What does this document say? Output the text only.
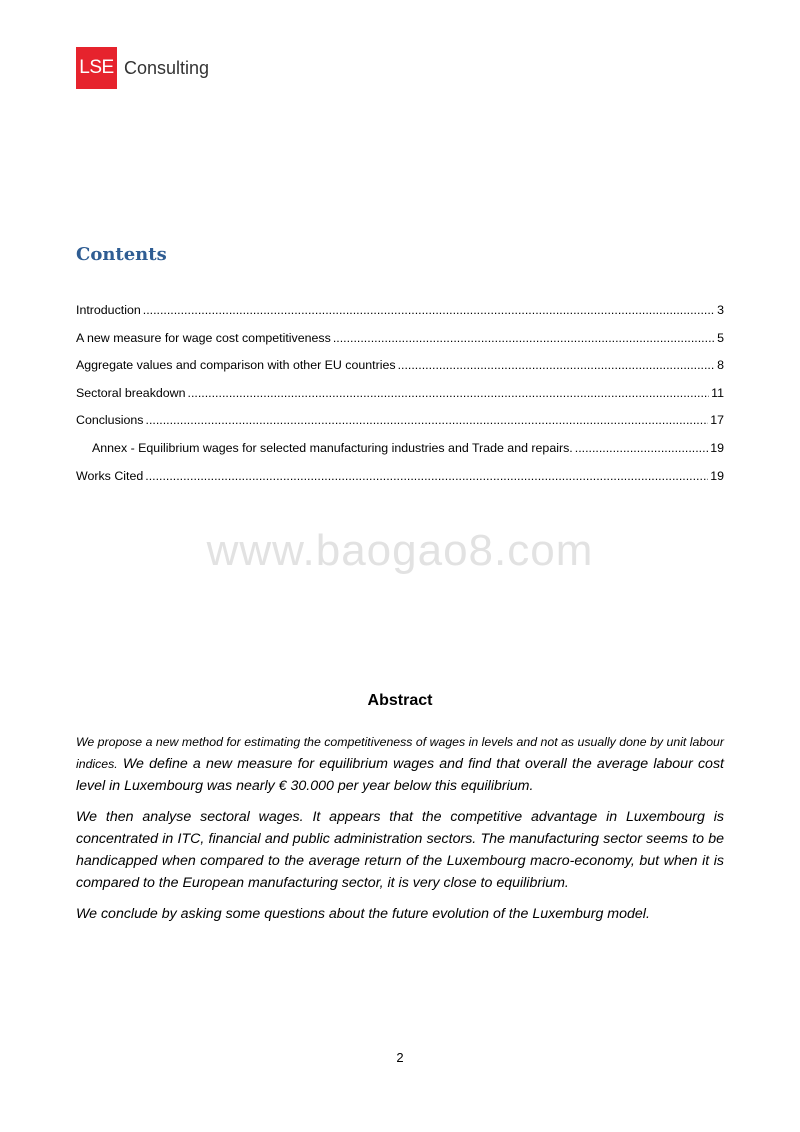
LSE Consulting
Contents
Introduction .....	3
A new measure for wage cost competitiveness .....	5
Aggregate values and comparison with other EU countries .....	8
Sectoral breakdown .....	11
Conclusions .....	17
Annex - Equilibrium wages for selected manufacturing industries and Trade and repairs. .....	19
Works Cited .....	19
www.baogao8.com
Abstract

We propose a new method for estimating the competitiveness of wages in levels and not as usually done by unit labour indices. We define a new measure for equilibrium wages and find that overall the average labour cost level in Luxembourg was nearly € 30.000 per year below this equilibrium.

We then analyse sectoral wages. It appears that the competitive advantage in Luxembourg is concentrated in ITC, financial and public administration sectors. The manufacturing sector seems to be handicapped when compared to the average return of the Luxembourg macro-economy, but when it is compared to the European manufacturing sector, it is very close to equilibrium.

We conclude by asking some questions about the future evolution of the Luxemburg model.

2
